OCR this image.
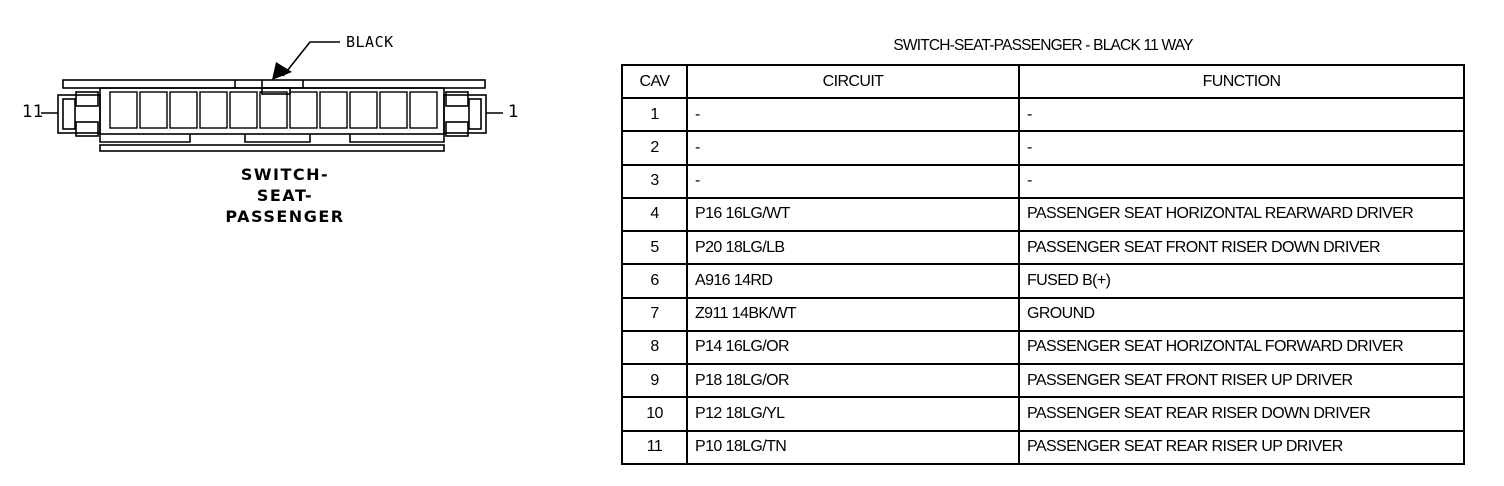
BLACK
11	1
SWITCH-
SEAT-
PASSENGER
SWITCH-SEAT-PASSENGER - BLACK 11 WAY
CAV	CIRCUIT	FUNCTION
1	-	-
2	-	-
3	-	-
4	P16 16LG/WT	PASSENGER SEAT HORIZONTAL REARWARD DRIVER
5	P20 18LG/LB	PASSENGER SEAT FRONT RISER DOWN DRIVER
6	A916 14RD	FUSED B(+)
7	Z911 14BK/WT	GROUND
8	P14 16LG/OR	PASSENGER SEAT HORIZONTAL FORWARD DRIVER
9	P18 18LG/OR	PASSENGER SEAT FRONT RISER UP DRIVER
10	P12 18LG/YL	PASSENGER SEAT REAR RISER DOWN DRIVER
11	P10 18LG/TN	PASSENGER SEAT REAR RISER UP DRIVER
